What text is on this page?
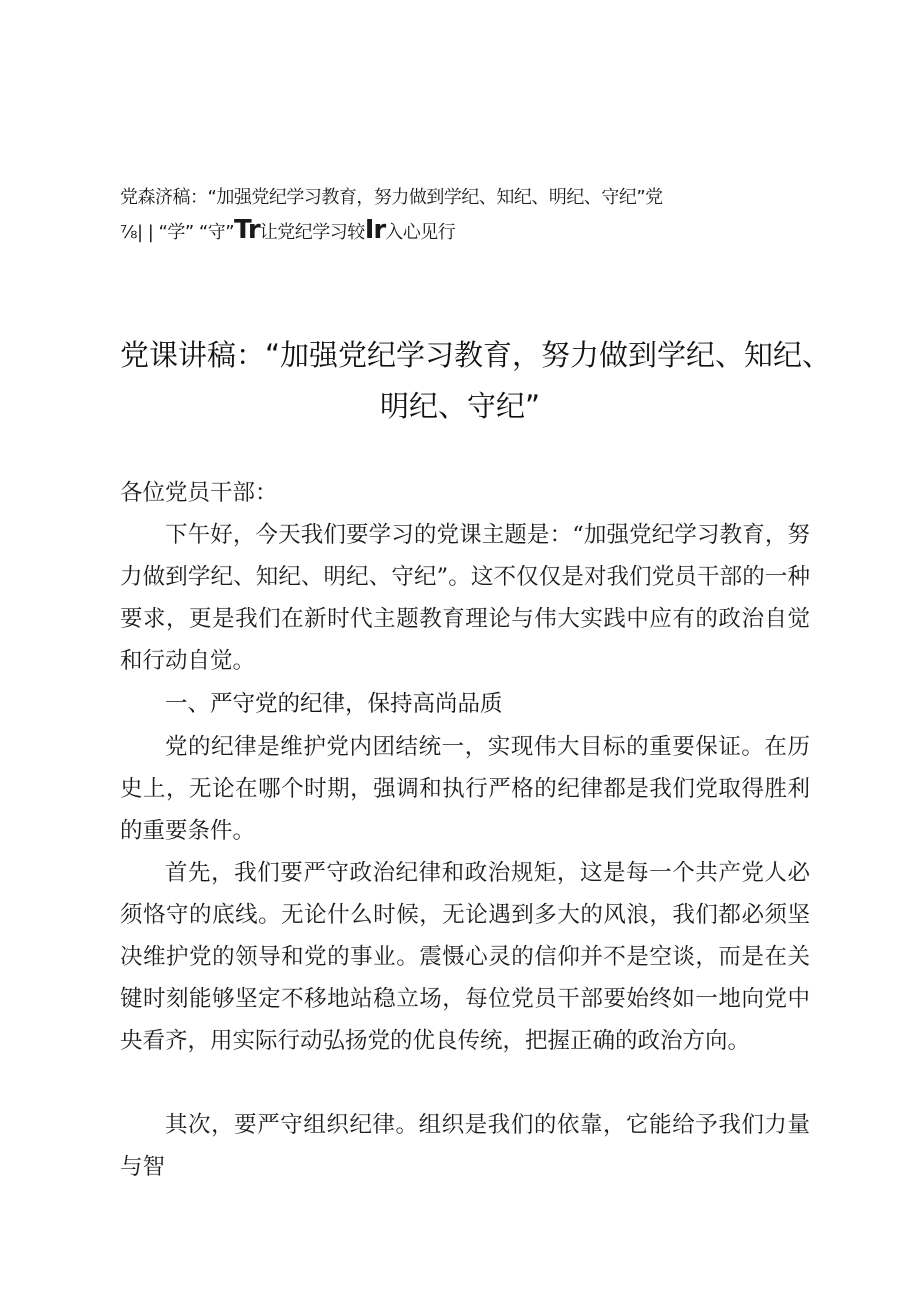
党森济稿：“加强党纪学习教育，努力做到学纪、知纪、明纪、守纪”党
⅞| | “学” “守”Tr让党纪学习较Ir入心见行
党课讲稿：“加强党纪学习教育，努力做到学纪、知纪、
明纪、守纪”

各位党员干部：

下午好，今天我们要学习的党课主题是：“加强党纪学习教育，努力做到学纪、知纪、明纪、守纪”。这不仅仅是对我们党员干部的一种要求，更是我们在新时代主题教育理论与伟大实践中应有的政治自觉和行动自觉。

一、严守党的纪律，保持高尚品质

党的纪律是维护党内团结统一，实现伟大目标的重要保证。在历史上，无论在哪个时期，强调和执行严格的纪律都是我们党取得胜利的重要条件。

首先，我们要严守政治纪律和政治规矩，这是每一个共产党人必须恪守的底线。无论什么时候，无论遇到多大的风浪，我们都必须坚决维护党的领导和党的事业。震慑心灵的信仰并不是空谈，而是在关键时刻能够坚定不移地站稳立场，每位党员干部要始终如一地向党中央看齐，用实际行动弘扬党的优良传统，把握正确的政治方向。

其次，要严守组织纪律。组织是我们的依靠，它能给予我们力量与智
